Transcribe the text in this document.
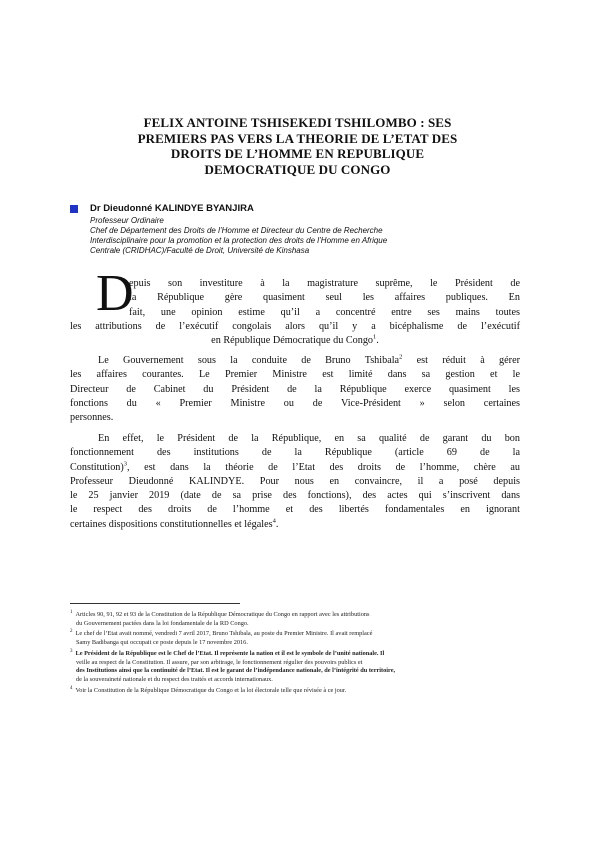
FELIX ANTOINE TSHISEKEDI TSHILOMBO : SES
PREMIERS PAS VERS LA THEORIE DE L’ETAT DES
DROITS DE L’HOMME EN REPUBLIQUE
DEMOCRATIQUE DU CONGO
Dr Dieudonné KALINDYE BYANJIRA
Professeur Ordinaire
Chef de Département des Droits de l’Homme et Directeur du Centre de Recherche
Interdisciplinaire pour la promotion et la protection des droits de l’Homme en Afrique
Centrale (CRIDHAC)/Faculté de Droit, Université de Kinshasa
D
epuis son investiture à la magistrature suprême, le Président de
la République gère quasiment seul les affaires publiques. En
fait, une opinion estime qu’il a concentré entre ses mains toutes
les attributions de l’exécutif congolais alors qu’il y a bicéphalisme de l’exécutif
en République Démocratique du Congo$^1$.
Le Gouvernement sous la conduite de Bruno Tshibala$^2$ est réduit à gérer
les affaires courantes. Le Premier Ministre est limité dans sa gestion et le
Directeur de Cabinet du Président de la République exerce quasiment les
fonctions du « Premier Ministre ou de Vice-Président » selon certaines
personnes.
En effet, le Président de la République, en sa qualité de garant du bon
fonctionnement des institutions de la République (article 69 de la
Constitution)$^3$, est dans la théorie de l’Etat des droits de l’homme, chère au
Professeur Dieudonné KALINDYE. Pour nous en convaincre, il a posé depuis
le 25 janvier 2019 (date de sa prise des fonctions), des actes qui s’inscrivent dans
le respect des droits de l’homme et des libertés fondamentales en ignorant
certaines dispositions constitutionnelles et légales$^4$.
$^1$ Articles 90, 91, 92 et 93 de la Constitution de la République Démocratique du Congo en rapport avec les attributions
du Gouvernement pactées dans la loi fondamentale de la RD Congo.
$^2$ Le chef de l’Etat avait nommé, vendredi 7 avril 2017, Bruno Tshibala, au poste du Premier Ministre. Il avait remplacé
Samy Badibanga qui occupait ce poste depuis le 17 novembre 2016.
$^3$ Le Président de la République est le Chef de l’Etat. Il représente la nation et il est le symbole de l’unité nationale. Il
veille au respect de la Constitution. Il assure, par son arbitrage, le fonctionnement régulier des pouvoirs publics et
des Institutions ainsi que la continuité de l’Etat. Il est le garant de l’indépendance nationale, de l’intégrité du territoire,
de la souveraineté nationale et du respect des traités et accords internationaux.
$^4$ Voir la Constitution de la République Démocratique du Congo et la loi électorale telle que révisée à ce jour.
